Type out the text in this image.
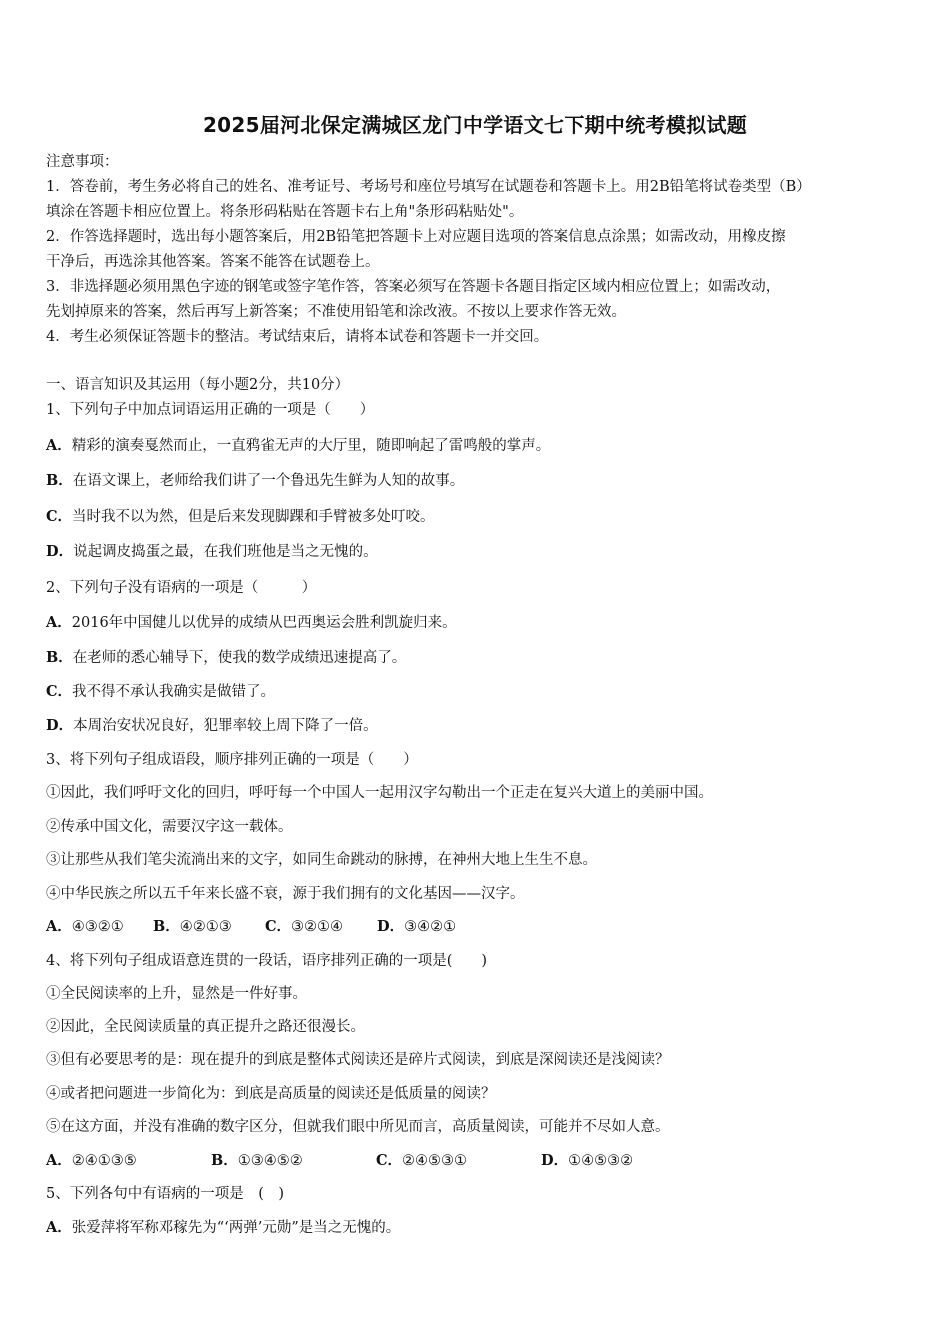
2025届河北保定满城区龙门中学语文七下期中统考模拟试题
注意事项：
1．答卷前，考生务必将自己的姓名、准考证号、考场号和座位号填写在试题卷和答题卡上。用2B铅笔将试卷类型（B）
填涂在答题卡相应位置上。将条形码粘贴在答题卡右上角"条形码粘贴处"。
2．作答选择题时，选出每小题答案后，用2B铅笔把答题卡上对应题目选项的答案信息点涂黑；如需改动，用橡皮擦
干净后，再选涂其他答案。答案不能答在试题卷上。
3．非选择题必须用黑色字迹的钢笔或签字笔作答，答案必须写在答题卡各题目指定区域内相应位置上；如需改动，
先划掉原来的答案，然后再写上新答案；不准使用铅笔和涂改液。不按以上要求作答无效。
4．考生必须保证答题卡的整洁。考试结束后，请将本试卷和答题卡一并交回。
一、语言知识及其运用（每小题2分，共10分）
1、下列句子中加点词语运用正确的一项是（　　）
A．精彩的演奏戛然而止，一直鸦雀无声的大厅里，随即响起了雷鸣般的掌声。
B．在语文课上，老师给我们讲了一个鲁迅先生鲜为人知的故事。
C．当时我不以为然，但是后来发现脚踝和手臂被多处叮咬。
D．说起调皮捣蛋之最，在我们班他是当之无愧的。
2、下列句子没有语病的一项是（　　　）
A．2016年中国健儿以优异的成绩从巴西奥运会胜利凯旋归来。
B．在老师的悉心辅导下，使我的数学成绩迅速提高了。
C．我不得不承认我确实是做错了。
D．本周治安状况良好，犯罪率较上周下降了一倍。
3、将下列句子组成语段，顺序排列正确的一项是（　　）
①因此，我们呼吁文化的回归，呼吁每一个中国人一起用汉字勾勒出一个正走在复兴大道上的美丽中国。
②传承中国文化，需要汉字这一载体。
③让那些从我们笔尖流淌出来的文字，如同生命跳动的脉搏，在神州大地上生生不息。
④中华民族之所以五千年来长盛不衰，源于我们拥有的文化基因——汉字。
A．④③②① B．④②①③ C．③②①④ D．③④②①
4、将下列句子组成语意连贯的一段话，语序排列正确的一项是(　　)
①全民阅读率的上升，显然是一件好事。
②因此，全民阅读质量的真正提升之路还很漫长。
③但有必要思考的是：现在提升的到底是整体式阅读还是碎片式阅读，到底是深阅读还是浅阅读？
④或者把问题进一步简化为：到底是高质量的阅读还是低质量的阅读？
⑤在这方面，并没有准确的数字区分，但就我们眼中所见而言，高质量阅读，可能并不尽如人意。
A．②④①③⑤	B．①③④⑤②	C．②④⑤③①	D．①④⑤③②
5、下列各句中有语病的一项是　(　)
A．张爱萍将军称邓稼先为“‘两弹’元勋”是当之无愧的。
